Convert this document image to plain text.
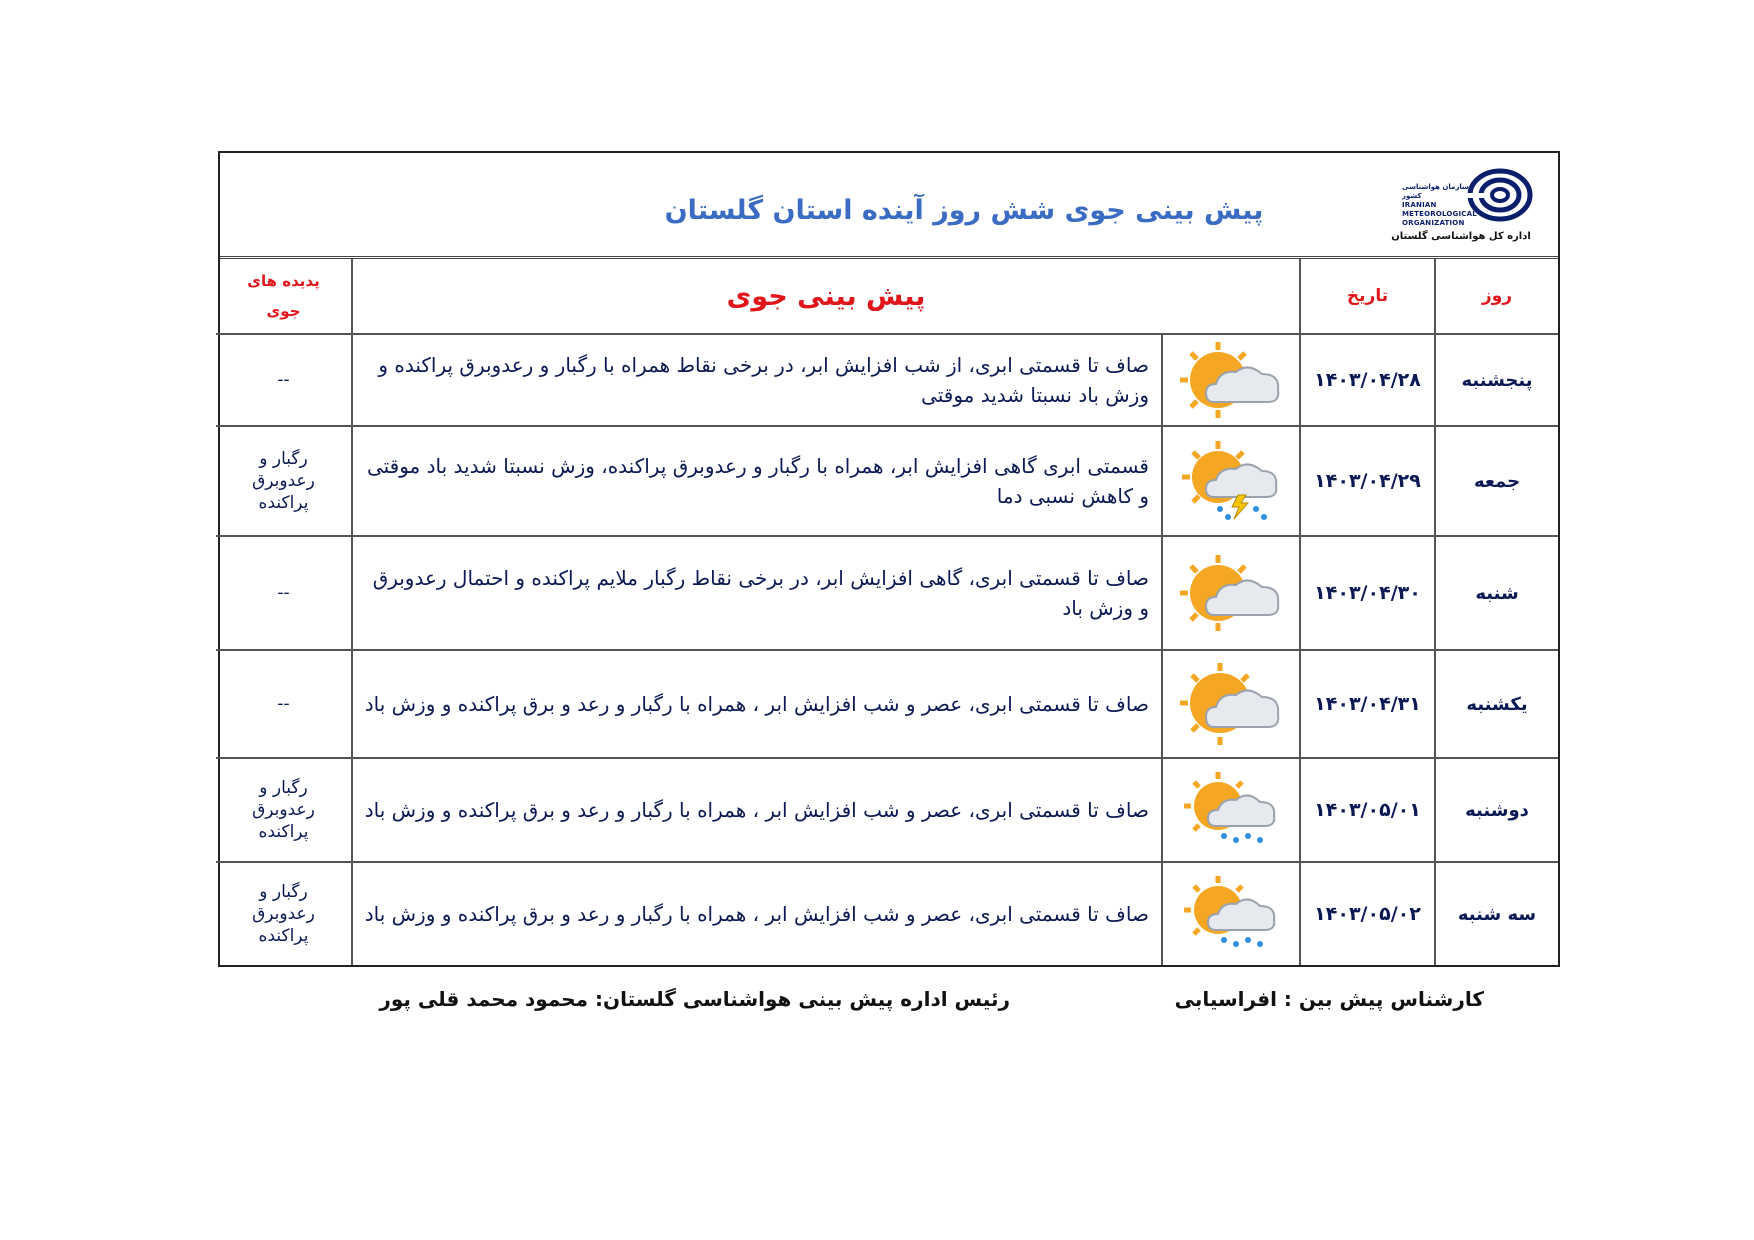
سازمان هواشناسی کشور
IRANIAN
METEOROLOGICAL
ORGANIZATION
اداره کل هواشناسی گلستان
پیش بینی جوی شش روز آینده استان گلستان
روز	تاریخ	پیش بینی جوی		پدیده های جوی

پنجشنبه	۱۴۰۳/۰۴/۲۸		صاف تا قسمتی ابری، از شب افزایش ابر، در برخی نقاط همراه با رگبار و رعدوبرق پراکنده و وزش باد نسبتا شدید موقتی	--
جمعه	۱۴۰۳/۰۴/۲۹		قسمتی ابری گاهی افزایش ابر، همراه با رگبار و رعدوبرق پراکنده، وزش نسبتا شدید باد موقتی و کاهش نسبی دما	رگبار و رعدوبرق پراکنده

شنبه	۱۴۰۳/۰۴/۳۰		صاف تا قسمتی ابری، گاهی افزایش ابر، در برخی نقاط رگبار ملایم پراکنده و احتمال رعدوبرق و وزش باد	--
یکشنبه	۱۴۰۳/۰۴/۳۱		صاف تا قسمتی ابری، عصر و شب افزایش ابر ، همراه با رگبار و رعد و برق پراکنده و وزش باد	--
دوشنبه	۱۴۰۳/۰۵/۰۱		صاف تا قسمتی ابری، عصر و شب افزایش ابر ، همراه با رگبار و رعد و برق پراکنده و وزش باد	رگبار و رعدوبرق پراکنده

سه شنبه	۱۴۰۳/۰۵/۰۲		صاف تا قسمتی ابری، عصر و شب افزایش ابر ، همراه با رگبار و رعد و برق پراکنده و وزش باد	رگبار و رعدوبرق پراکنده
کارشناس پیش بین : افراسیابی
رئیس اداره پیش بینی هواشناسی گلستان: محمود محمد قلی پور
